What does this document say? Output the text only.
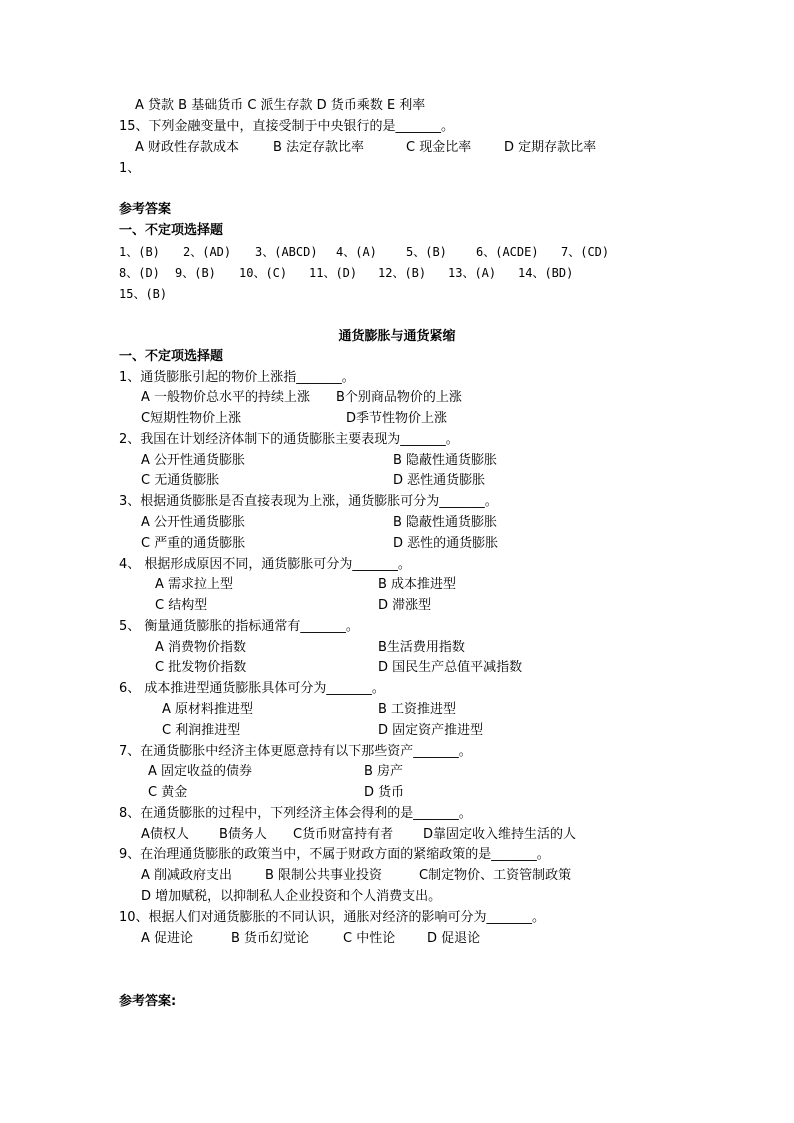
A 贷款 B 基础货币 C 派生存款 D 货币乘数 E 利率
15、下列金融变量中，直接受制于中央银行的是_______。
A 财政性存款成本	B 法定存款比率	C 现金比率	D 定期存款比率
1、
参考答案
一、不定项选择题
1、(B) 2、(AD) 3、(ABCD) 4、(A) 5、(B) 6、(ACDE) 7、(CD)
8、(D) 9、(B) 10、(C) 11、(D) 12、(B) 13、(A) 14、(BD)
15、(B)
通货膨胀与通货紧缩
一、不定项选择题
1、通货膨胀引起的物价上涨指_______。
A 一般物价总水平的持续上涨 B个别商品物价的上涨
C短期性物价上涨	D季节性物价上涨
2、我国在计划经济体制下的通货膨胀主要表现为_______。
A 公开性通货膨胀	B 隐蔽性通货膨胀
C 无通货膨胀	D 恶性通货膨胀
3、根据通货膨胀是否直接表现为上涨，通货膨胀可分为_______。
A 公开性通货膨胀	B 隐蔽性通货膨胀
C 严重的通货膨胀	D 恶性的通货膨胀
4、 根据形成原因不同，通货膨胀可分为_______。
A 需求拉上型	B 成本推进型
C 结构型	D 滞涨型
5、 衡量通货膨胀的指标通常有_______。
A 消费物价指数	B生活费用指数
C 批发物价指数	D 国民生产总值平减指数
6、 成本推进型通货膨胀具体可分为_______。
A 原材料推进型	B 工资推进型
C 利润推进型	D 固定资产推进型
7、在通货膨胀中经济主体更愿意持有以下那些资产_______。
A 固定收益的债券	B 房产
C 黄金	D 货币
8、在通货膨胀的过程中，下列经济主体会得利的是_______。
A债权人 B债务人 C货币财富持有者 D靠固定收入维持生活的人
9、在治理通货膨胀的政策当中，不属于财政方面的紧缩政策的是_______。
A 削减政府支出	B 限制公共事业投资	C制定物价、工资管制政策
D 增加赋税，以抑制私人企业投资和个人消费支出。
10、根据人们对通货膨胀的不同认识，通胀对经济的影响可分为_______。
A 促进论	B 货币幻觉论	C 中性论 D 促退论
参考答案:
